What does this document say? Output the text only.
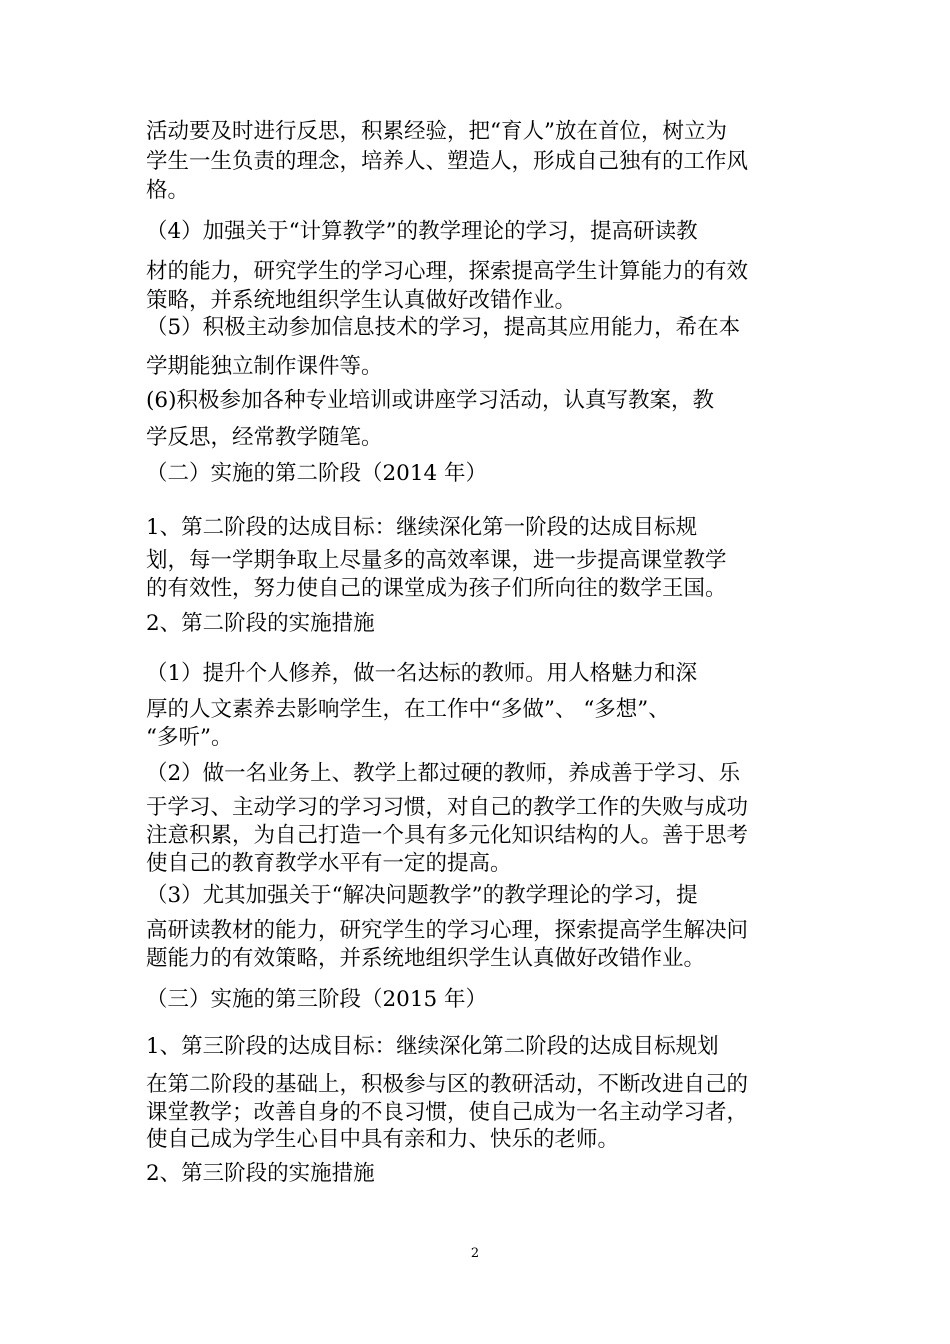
活动要及时进行反思，积累经验，把“育人”放在首位，树立为
学生一生负责的理念，培养人、塑造人，形成自己独有的工作风
格。
（4）加强关于“计算教学”的教学理论的学习，提高研读教
材的能力，研究学生的学习心理，探索提高学生计算能力的有效
策略，并系统地组织学生认真做好改错作业。
（5）积极主动参加信息技术的学习，提高其应用能力，希在本
学期能独立制作课件等。
(6)积极参加各种专业培训或讲座学习活动，认真写教案，教
学反思，经常教学随笔。
（二）实施的第二阶段（2014 年）
1、第二阶段的达成目标：继续深化第一阶段的达成目标规
划，每一学期争取上尽量多的高效率课，进一步提高课堂教学
的有效性，努力使自己的课堂成为孩子们所向往的数学王国。
2、第二阶段的实施措施
（1）提升个人修养，做一名达标的教师。用人格魅力和深
厚的人文素养去影响学生，在工作中“多做”、 “多想”、
“多听”。
（2）做一名业务上、教学上都过硬的教师，养成善于学习、乐
于学习、主动学习的学习习惯，对自己的教学工作的失败与成功
注意积累，为自己打造一个具有多元化知识结构的人。善于思考
使自己的教育教学水平有一定的提高。
（3）尤其加强关于“解决问题教学”的教学理论的学习，提
高研读教材的能力，研究学生的学习心理，探索提高学生解决问
题能力的有效策略，并系统地组织学生认真做好改错作业。
（三）实施的第三阶段（2015 年）
1、第三阶段的达成目标：继续深化第二阶段的达成目标规划
在第二阶段的基础上，积极参与区的教研活动，不断改进自己的
课堂教学；改善自身的不良习惯，使自己成为一名主动学习者，
使自己成为学生心目中具有亲和力、快乐的老师。
2、第三阶段的实施措施
2
